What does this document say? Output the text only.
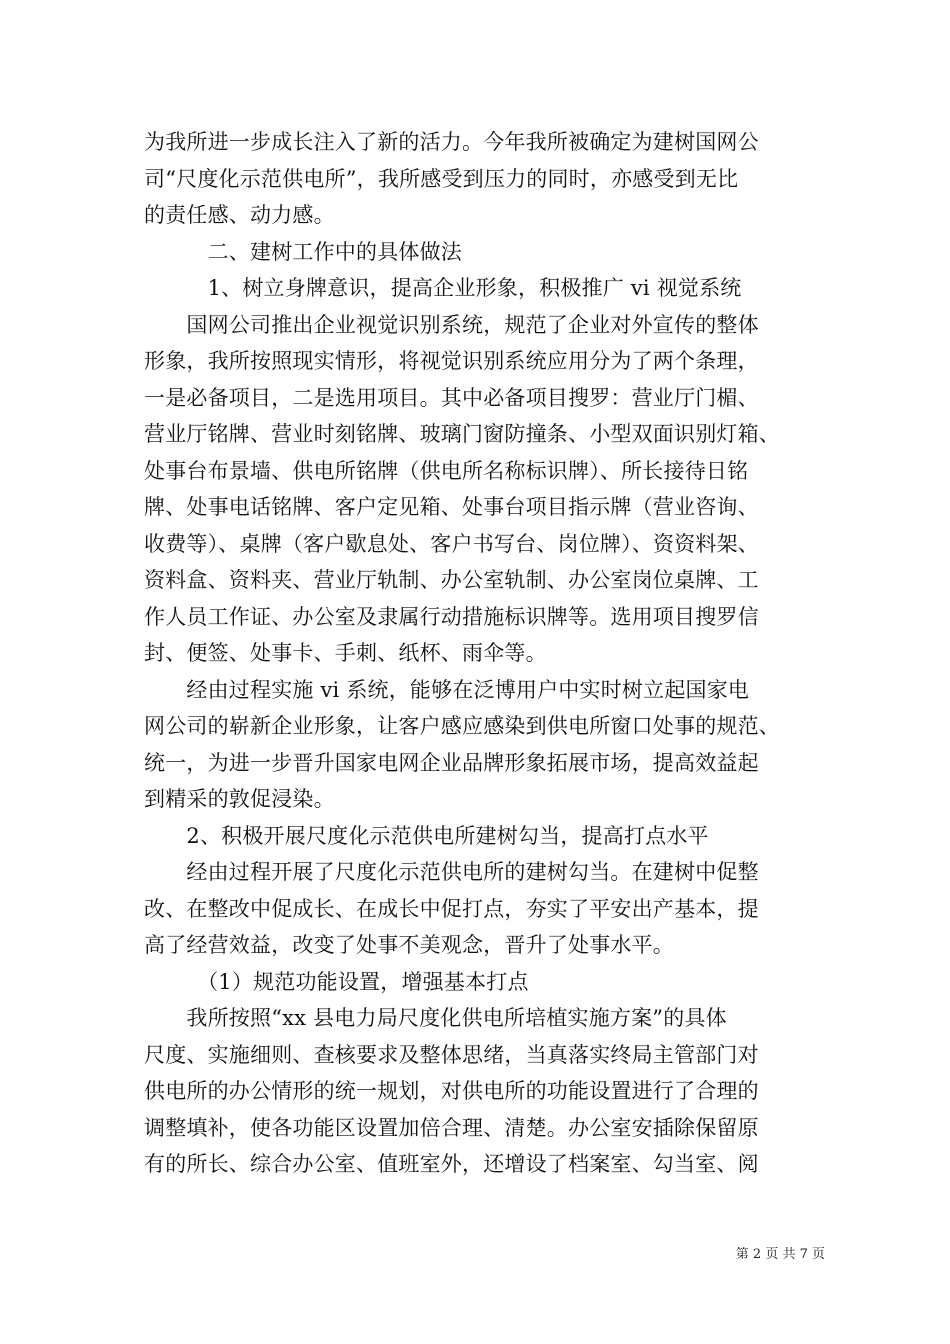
为我所进一步成长注入了新的活力。今年我所被确定为建树国网公
司“尺度化示范供电所”，我所感受到压力的同时，亦感受到无比
的责任感、动力感。
　　　二、建树工作中的具体做法
　　　1、树立身牌意识，提高企业形象，积极推广 vi 视觉系统
　　国网公司推出企业视觉识别系统，规范了企业对外宣传的整体
形象，我所按照现实情形，将视觉识别系统应用分为了两个条理，
一是必备项目，二是选用项目。其中必备项目搜罗：营业厅门楣、
营业厅铭牌、营业时刻铭牌、玻璃门窗防撞条、小型双面识别灯箱、
处事台布景墙、供电所铭牌（供电所名称标识牌）、所长接待日铭
牌、处事电话铭牌、客户定见箱、处事台项目指示牌（营业咨询、
收费等）、桌牌（客户歇息处、客户书写台、岗位牌）、资资料架、
资料盒、资料夹、营业厅轨制、办公室轨制、办公室岗位桌牌、工
作人员工作证、办公室及隶属行动措施标识牌等。选用项目搜罗信
封、便签、处事卡、手刺、纸杯、雨伞等。
　　经由过程实施 vi 系统，能够在泛博用户中实时树立起国家电
网公司的崭新企业形象，让客户感应感染到供电所窗口处事的规范、
统一，为进一步晋升国家电网企业品牌形象拓展市场，提高效益起
到精采的敦促浸染。
　　2、积极开展尺度化示范供电所建树勾当，提高打点水平
　　经由过程开展了尺度化示范供电所的建树勾当。在建树中促整
改、在整改中促成长、在成长中促打点，夯实了平安出产基本，提
高了经营效益，改变了处事不美观念，晋升了处事水平。
　　　（1）规范功能设置，增强基本打点
　　我所按照“xx 县电力局尺度化供电所培植实施方案”的具体
尺度、实施细则、查核要求及整体思绪，当真落实终局主管部门对
供电所的办公情形的统一规划，对供电所的功能设置进行了合理的
调整填补，使各功能区设置加倍合理、清楚。办公室安插除保留原
有的所长、综合办公室、值班室外，还增设了档案室、勾当室、阅
第 2 页 共 7 页
